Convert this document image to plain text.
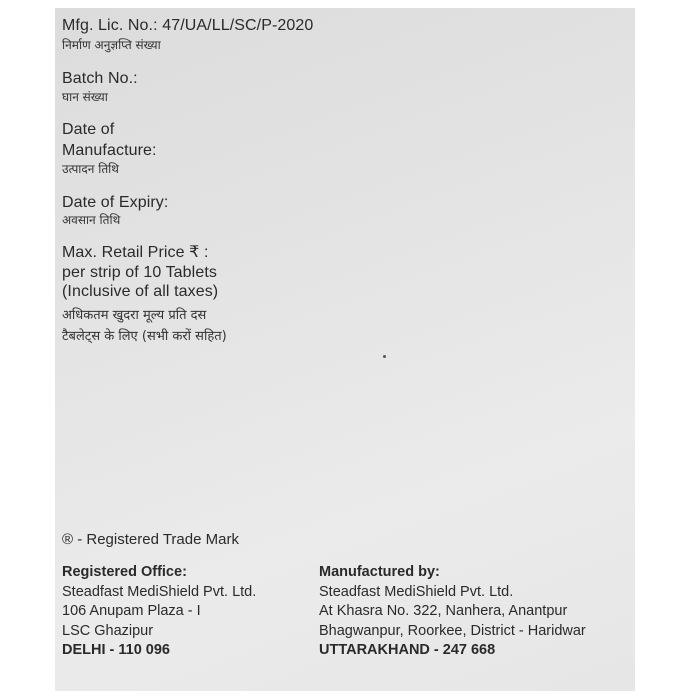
Mfg. Lic. No.: 47/UA/LL/SC/P-2020
निर्माण अनुज्ञप्ति संख्या
Batch No.:
घान संख्या
Date of
Manufacture:
उत्पादन तिथि
Date of Expiry:
अवसान तिथि
Max. Retail Price ₹ :
per strip of 10 Tablets
(Inclusive of all taxes)
अधिकतम खुदरा मूल्य प्रति दस
टैबलेट्स के लिए (सभी करों सहित)
® - Registered Trade Mark
Registered Office:
Steadfast MediShield Pvt. Ltd.
106 Anupam Plaza - I
LSC Ghazipur
DELHI - 110 096
Manufactured by:
Steadfast MediShield Pvt. Ltd.
At Khasra No. 322, Nanhera, Anantpur
Bhagwanpur, Roorkee, District - Haridwar
UTTARAKHAND - 247 668
